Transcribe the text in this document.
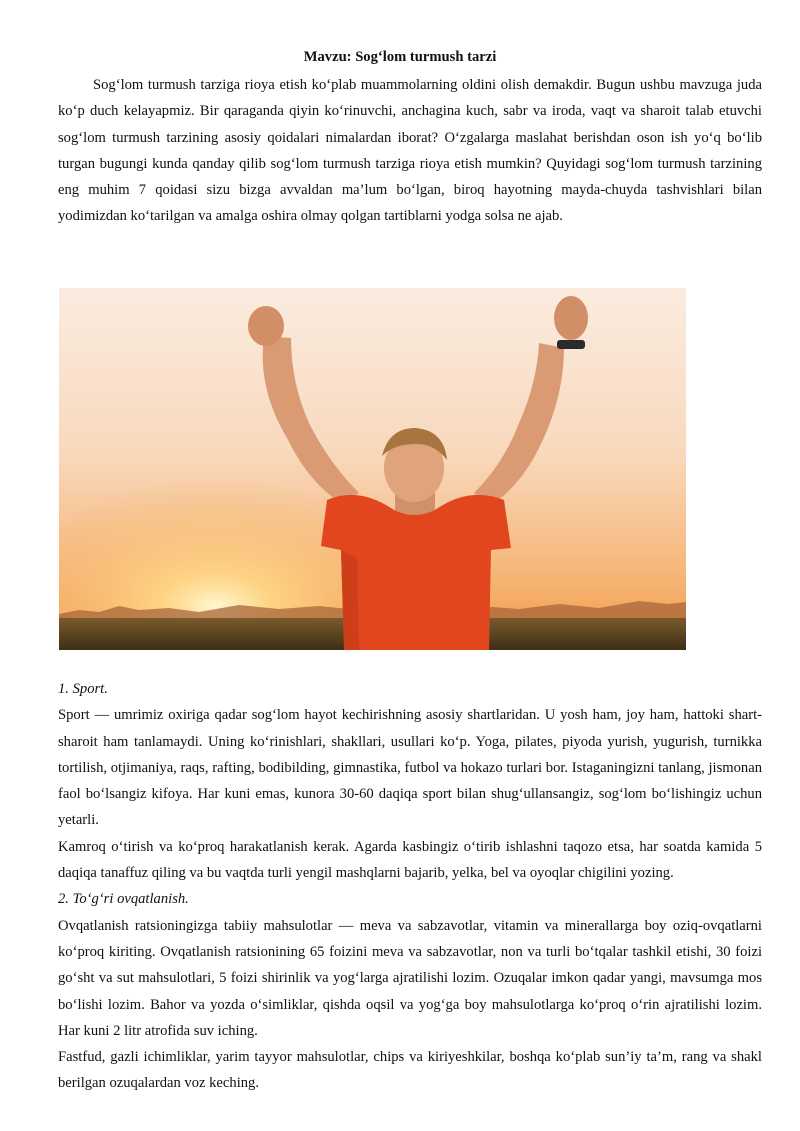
Mavzu: Sog‘lom turmush tarzi

Sog‘lom turmush tarziga rioya etish ko‘plab muammolarning oldini olish demakdir. Bugun ushbu mavzuga juda ko‘p duch kelayapmiz. Bir qaraganda qiyin ko‘rinuvchi, anchagina kuch, sabr va iroda, vaqt va sharoit talab etuvchi sog‘lom turmush tarzining asosiy qoidalari nimalardan iborat? O‘zgalarga maslahat berishdan oson ish yo‘q bo‘lib turgan bugungi kunda qanday qilib sog‘lom turmush tarziga rioya etish mumkin? Quyidagi sog‘lom turmush tarzining eng muhim 7 qoidasi sizu bizga avvaldan ma’lum bo‘lgan, biroq hayotning mayda-chuyda tashvishlari bilan yodimizdan ko‘tarilgan va amalga oshira olmay qolgan tartiblarni yodga solsa ne ajab.

1. Sport.

Sport — umrimiz oxiriga qadar sog‘lom hayot kechirishning asosiy shartlaridan. U yosh ham, joy ham, hattoki shart-sharoit ham tanlamaydi. Uning ko‘rinishlari, shakllari, usullari ko‘p. Yoga, pilates, piyoda yurish, yugurish, turnikka tortilish, otjimaniya, raqs, rafting, bodibilding, gimnastika, futbol va hokazo turlari bor. Istaganingizni tanlang, jismonan faol bo‘lsangiz kifoya. Har kuni emas, kunora 30-60 daqiqa sport bilan shug‘ullansangiz, sog‘lom bo‘lishingiz uchun yetarli.

Kamroq o‘tirish va ko‘proq harakatlanish kerak. Agarda kasbingiz o‘tirib ishlashni taqozo etsa, har soatda kamida 5 daqiqa tanaffuz qiling va bu vaqtda turli yengil mashqlarni bajarib, yelka, bel va oyoqlar chigilini yozing.

2. To‘g‘ri ovqatlanish.

Ovqatlanish ratsioningizga tabiiy mahsulotlar — meva va sabzavotlar, vitamin va minerallarga boy oziq-ovqatlarni ko‘proq kiriting. Ovqatlanish ratsionining 65 foizini meva va sabzavotlar, non va turli bo‘tqalar tashkil etishi, 30 foizi go‘sht va sut mahsulotlari, 5 foizi shirinlik va yog‘larga ajratilishi lozim. Ozuqalar imkon qadar yangi, mavsumga mos bo‘lishi lozim. Bahor va yozda o‘simliklar, qishda oqsil va yog‘ga boy mahsulotlarga ko‘proq o‘rin ajratilishi lozim. Har kuni 2 litr atrofida suv iching.

Fastfud, gazli ichimliklar, yarim tayyor mahsulotlar, chips va kiriyeshkilar, boshqa ko‘plab sun’iy ta’m, rang va shakl berilgan ozuqalardan voz keching.
